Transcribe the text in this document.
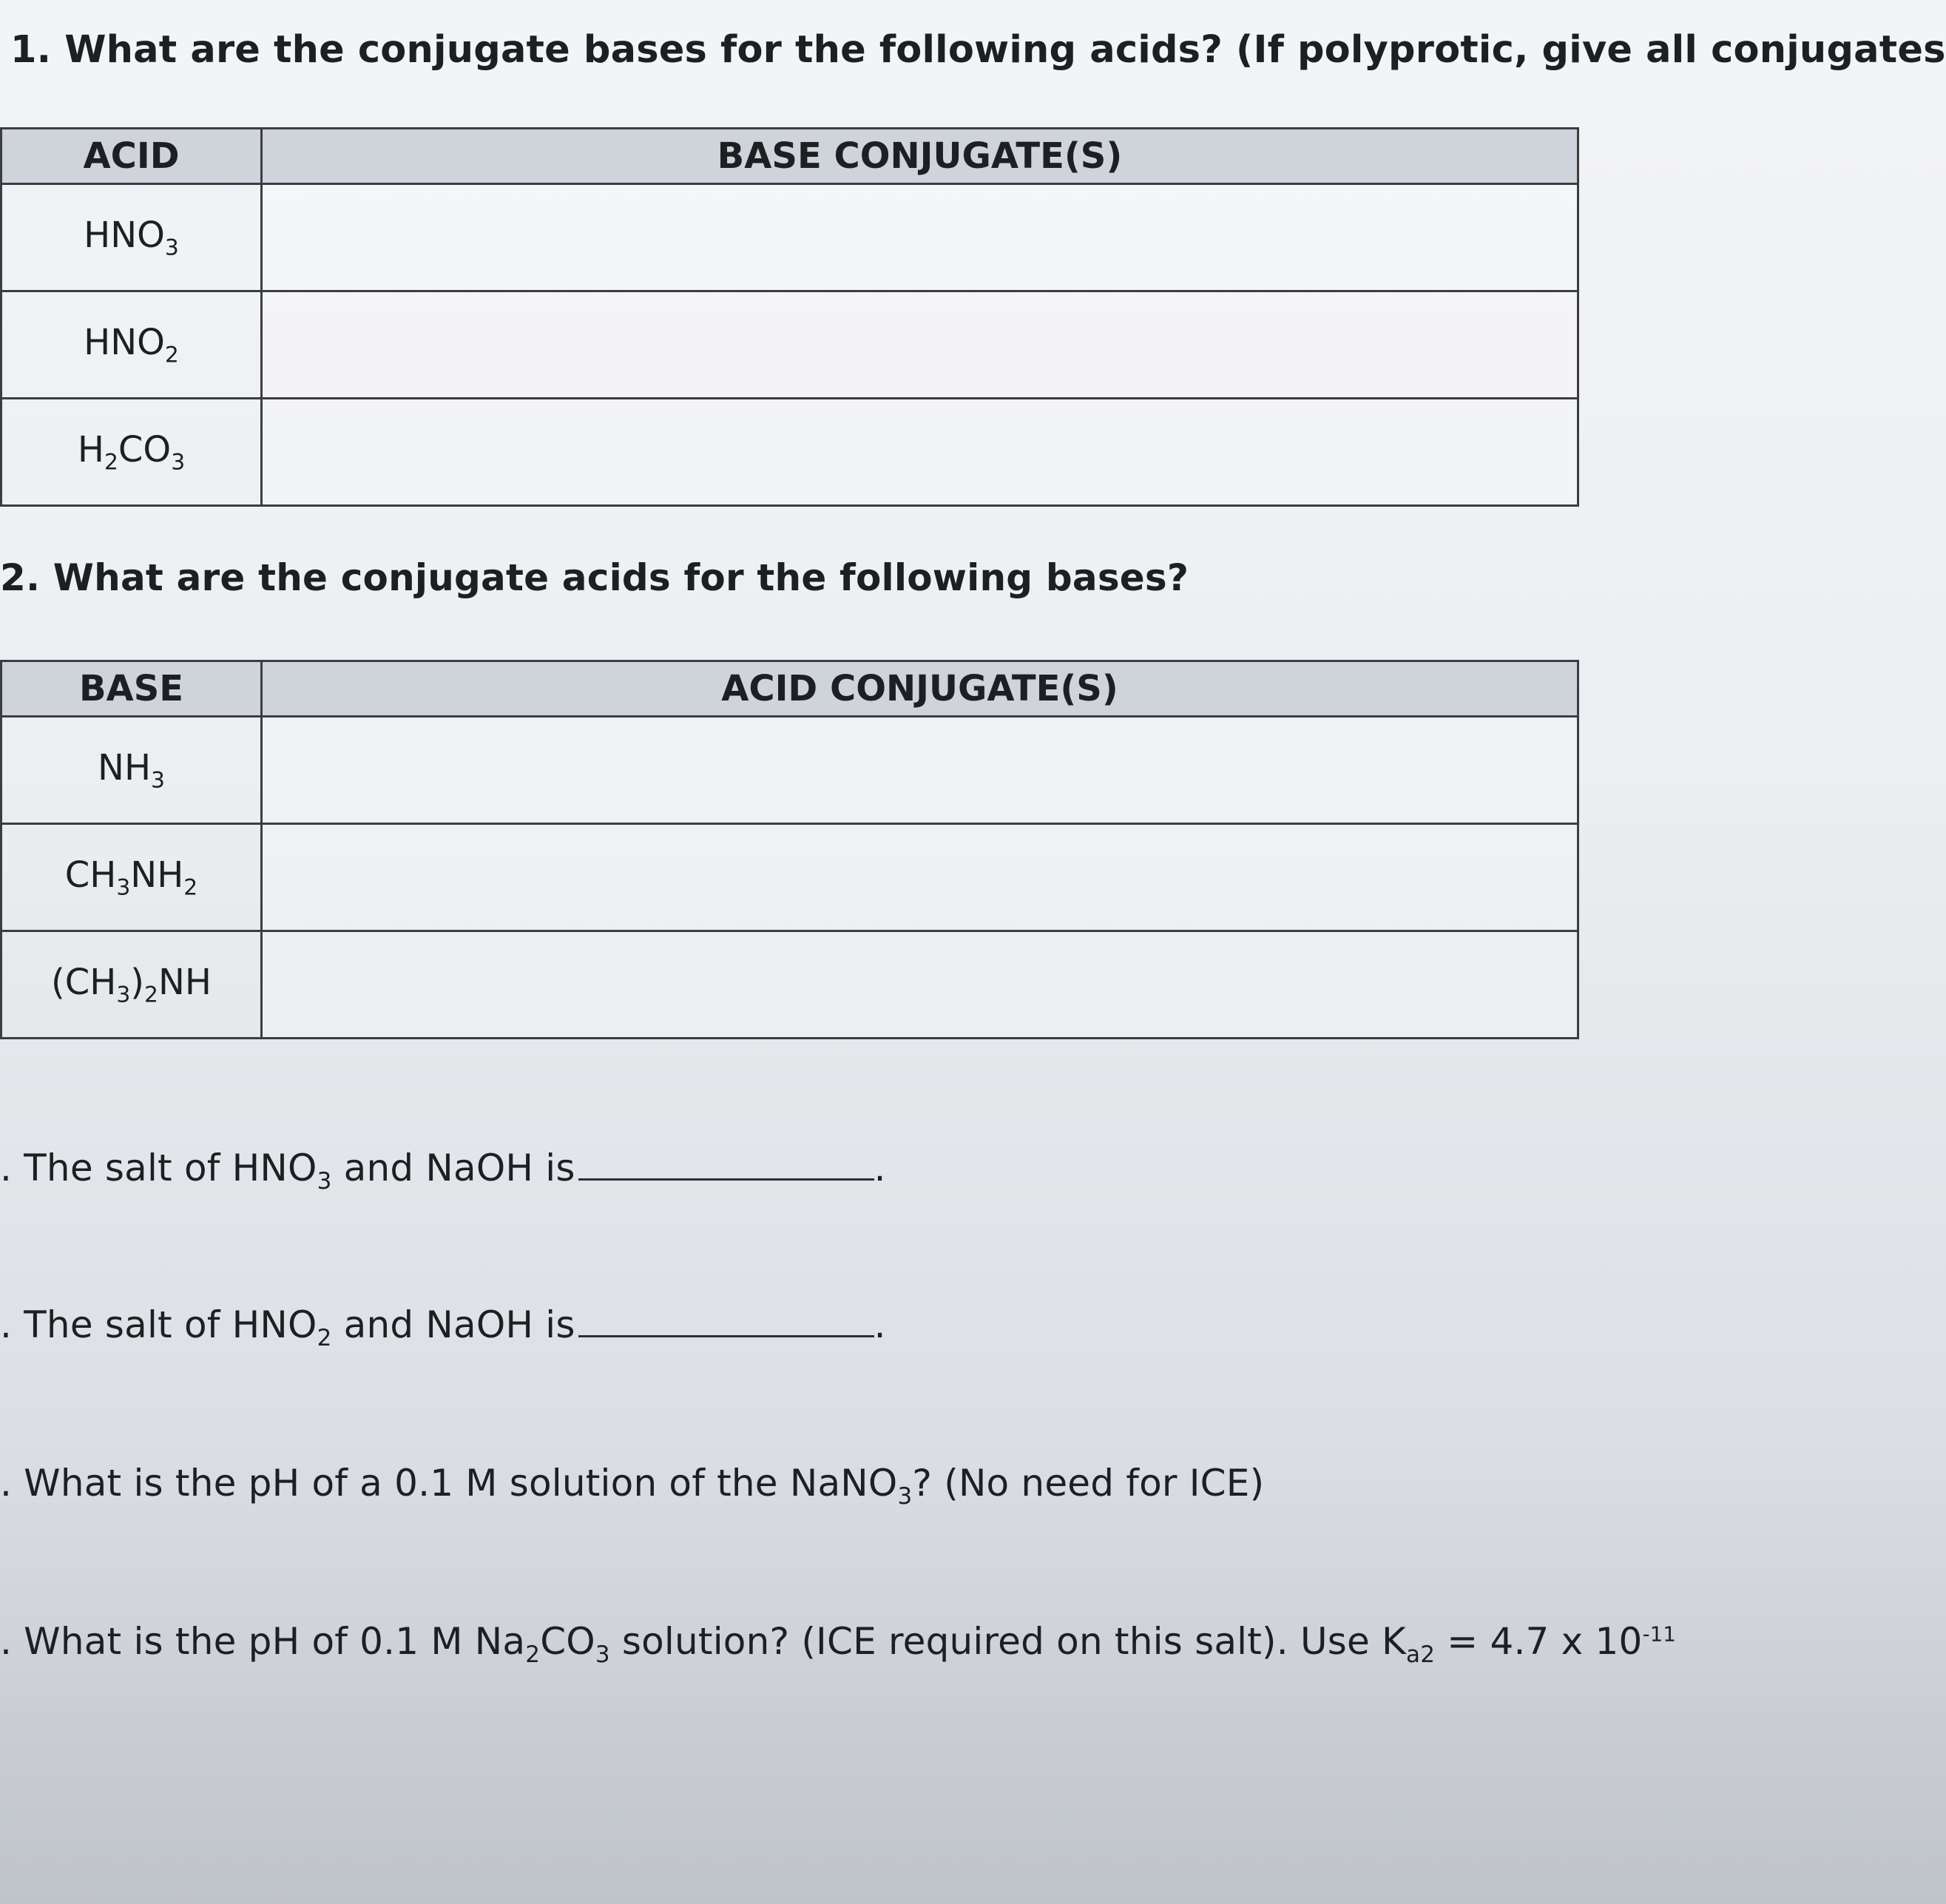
1. What are the conjugate bases for the following acids? (If polyprotic, give all conjugates
ACID	BASE CONJUGATE(S)
$HNO_3$	
$HNO_2$	
$H_2CO_3$	
2. What are the conjugate acids for the following bases?
BASE	ACID CONJUGATE(S)
$NH_3$	
$CH_3NH_2$	
$(CH_3)_2NH$	
. The salt of $HNO_3$ and NaOH is	.
. The salt of $HNO_2$ and NaOH is	.
. What is the pH of a 0.1 M solution of the NaNO$_3$? (No need for ICE)
. What is the pH of 0.1 M $Na_2CO_3$ solution? (ICE required on this salt). Use $K_{a2} = 4.7$ x $10^{-11}$
